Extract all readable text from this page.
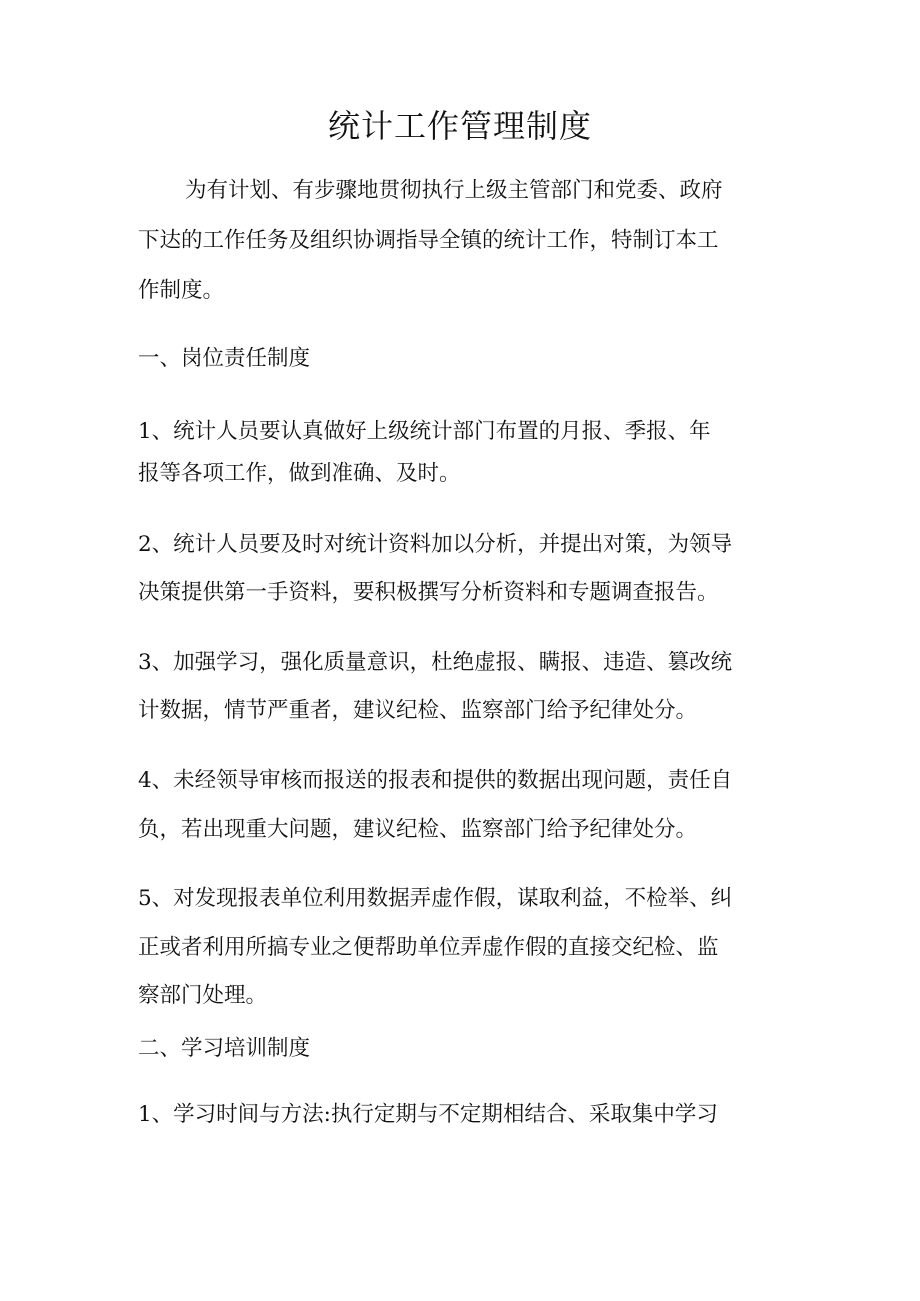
统计工作管理制度
为有计划、有步骤地贯彻执行上级主管部门和党委、政府
下达的工作任务及组织协调指导全镇的统计工作，特制订本工
作制度。
一、岗位责任制度
1、统计人员要认真做好上级统计部门布置的月报、季报、年
报等各项工作，做到准确、及时。
2、统计人员要及时对统计资料加以分析，并提出对策，为领导
决策提供第一手资料，要积极撰写分析资料和专题调查报告。
3、加强学习，强化质量意识，杜绝虚报、瞒报、违造、篡改统
计数据，情节严重者，建议纪检、监察部门给予纪律处分。
4、未经领导审核而报送的报表和提供的数据出现问题，责任自
负，若出现重大问题，建议纪检、监察部门给予纪律处分。
5、对发现报表单位利用数据弄虚作假，谋取利益，不检举、纠
正或者利用所搞专业之便帮助单位弄虚作假的直接交纪检、监
察部门处理。
二、学习培训制度
1、学习时间与方法:执行定期与不定期相结合、采取集中学习
